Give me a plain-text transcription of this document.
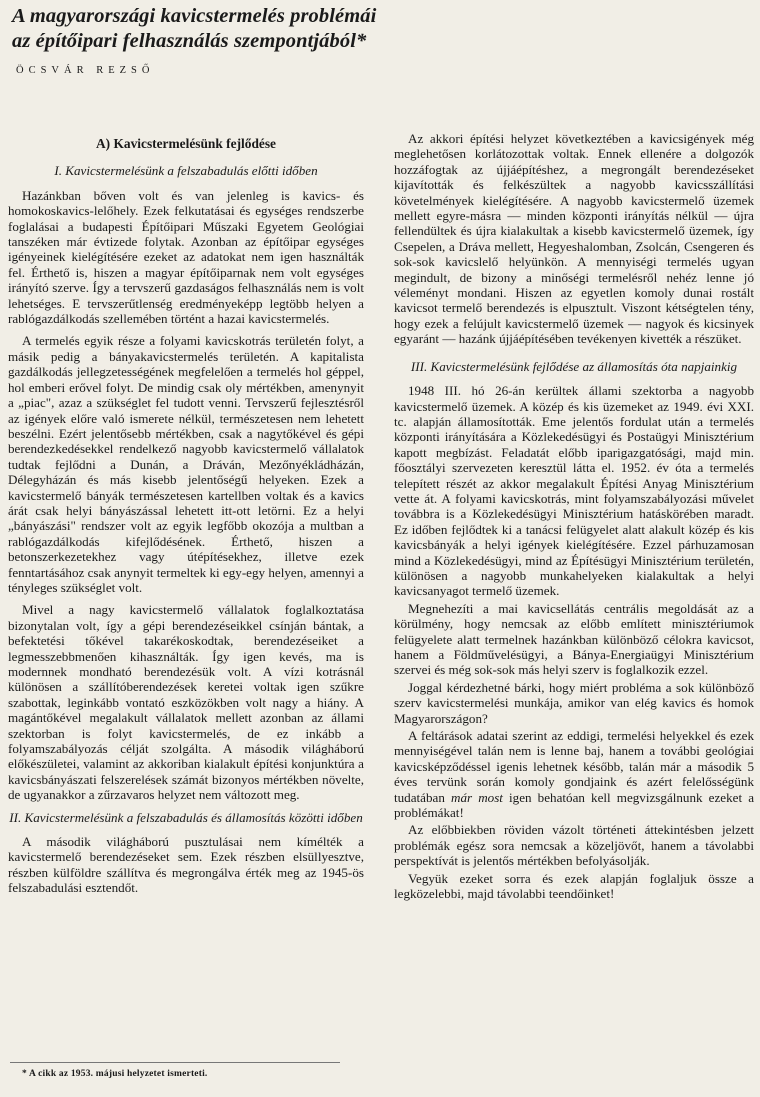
A magyarországi kavicstermelés problémái
az építőipari felhasználás szempontjából*

ÖCSVÁR REZSŐ

A) Kavicstermelésünk fejlődése
I. Kavicstermelésünk a felszabadulás előtti időben

Hazánkban bőven volt és van jelenleg is kavics- és homokoskavics-lelőhely. Ezek felkutatásai és egységes rendszerbe foglalásai a budapesti Építőipari Műszaki Egyetem Geológiai tanszéken már évtizede folytak. Azonban az építőipar egységes igényeinek kielégítésére ezeket az adatokat nem igen használták fel. Érthető is, hiszen a magyar építőiparnak nem volt egységes irányító szerve. Így a tervszerű gazdaságos felhasználás nem is volt lehetséges. E tervszerűtlenség eredményeképp legtöbb helyen a rablógazdálkodás szellemében történt a hazai kavicstermelés.

A termelés egyik része a folyami kavicskotrás területén folyt, a másik pedig a bányakavicstermelés területén. A kapitalista gazdálkodás jellegzetességének megfelelően a termelés hol géppel, hol emberi erővel folyt. De mindig csak oly mértékben, amenynyit a „piac", azaz a szükséglet fel tudott venni. Tervszerű fejlesztésről az igények előre való ismerete nélkül, természetesen nem lehetett beszélni. Ezért jelentősebb mértékben, csak a nagytőkével és gépi berendezkedésekkel rendelkező nagyobb kavicstermelő vállalatok tudtak fejlődni a Dunán, a Dráván, Mezőnyékládházán, Délegyházán és más kisebb jelentőségű helyeken. Ezek a kavicstermelő bányák természetesen kartellben voltak és a kavics árát csak helyi bányászással lehetett itt-ott letörni. Ez a helyi „bányászási" rendszer volt az egyik legfőbb okozója a multban a rablógazdálkodás kifejlődésének. Érthető, hiszen a betonszerkezetekhez vagy útépítésekhez, illetve ezek fenntartásához csak anynyit termeltek ki egy-egy helyen, amennyi a tényleges szükséglet volt.

Mivel a nagy kavicstermelő vállalatok foglalkoztatása bizonytalan volt, így a gépi berendezéseikkel csínján bántak, a befektetési tőkével takarékoskodtak, berendezéseiket a legmesszebbmenően kihasználták. Így igen kevés, ma is modernnek mondható berendezésük volt. A vízi kotrásnál különösen a szállítóberendezések keretei voltak igen szűkre szabottak, leginkább vontató eszközökben volt nagy a hiány. A magántőkével megalakult vállalatok mellett azonban az állami szektorban is folyt kavicstermelés, de ez inkább a folyamszabályozás célját szolgálta. A második világháború előkészületei, valamint az akkoriban kialakult építési konjunktúra a kavicsbányászati felszerelések számát bizonyos mértékben növelte, de ugyanakkor a zűrzavaros helyzet nem változott meg.

II. Kavicstermelésünk a felszabadulás és államosítás közötti időben

A második világháború pusztulásai nem kímélték a kavicstermelő berendezéseket sem. Ezek részben elsüllyesztve, részben külföldre szállítva és megrongálva érték meg az 1945-ös felszabadulási esztendőt.

Az akkori építési helyzet következtében a kavicsigények még meglehetősen korlátozottak voltak. Ennek ellenére a dolgozók hozzáfogtak az újjáépítéshez, a megrongált berendezéseket kijavították és felkészültek a nagyobb kavicsszállítási követelmények kielégítésére. A nagyobb kavicstermelő üzemek mellett egyre-másra — minden központi irányítás nélkül — újra fellendültek és újra kialakultak a kisebb kavicstermelő üzemek, így Csepelen, a Dráva mellett, Hegyeshalomban, Zsolcán, Csengeren és sok-sok kavicslelő helyünkön. A mennyiségi termelés ugyan megindult, de bizony a minőségi termelésről nehéz lenne jó véleményt mondani. Hiszen az egyetlen komoly dunai rostált kavicsot termelő berendezés is elpusztult. Viszont kétségtelen tény, hogy ezek a felújult kavicstermelő üzemek — nagyok és kicsinyek egyaránt — hazánk újjáépítésében tevékenyen kivették a részüket.

III. Kavicstermelésünk fejlődése az államosítás óta napjainkig

1948 III. hó 26-án kerültek állami szektorba a nagyobb kavicstermelő üzemek. A közép és kis üzemeket az 1949. évi XXI. tc. alapján államosították. Eme jelentős fordulat után a termelés központi irányítására a Közlekedésügyi és Postaügyi Minisztérium kapott megbízást. Feladatát előbb iparigazgatósági, majd min. főosztályi szervezeten keresztül látta el. 1952. év óta a termelés telepített részét az akkor megalakult Építési Anyag Minisztérium vette át. A folyami kavicskotrás, mint folyamszabályozási művelet továbbra is a Közlekedésügyi Minisztérium hatáskörében maradt. Ez időben fejlődtek ki a tanácsi felügyelet alatt alakult közép és kis kavicsbányák a helyi igények kielégítésére. Ezzel párhuzamosan mind a Közlekedésügyi, mind az Építésügyi Minisztérium területén, különösen a nagyobb munkahelyeken kialakultak a helyi kavicsanyagot termelő üzemek.

Megnehezíti a mai kavicsellátás centrális megoldását az a körülmény, hogy nemcsak az előbb említett minisztériumok felügyelete alatt termelnek hazánkban különböző célokra kavicsot, hanem a Földművelésügyi, a Bánya-Energiaügyi Minisztérium szervei és még sok-sok más helyi szerv is foglalkozik ezzel.

Joggal kérdezhetné bárki, hogy miért probléma a sok különböző szerv kavicstermelési munkája, amikor van elég kavics és homok Magyarországon?

A feltárások adatai szerint az eddigi, termelési helyekkel és ezek mennyiségével talán nem is lenne baj, hanem a további geológiai kavicsképződéssel igenis lehetnek később, talán már a második 5 éves tervünk során komoly gondjaink és azért felelősségünk tudatában már most igen behatóan kell megvizsgálnunk ezeket a problémákat!

Az előbbiekben röviden vázolt történeti áttekintésben jelzett problémák egész sora nemcsak a közeljövőt, hanem a távolabbi perspektívát is jelentős mértékben befolyásolják.

Vegyük ezeket sorra és ezek alapján foglaljuk össze a legközelebbi, majd távolabbi teendőinket!

* A cikk az 1953. májusi helyzetet ismerteti.
